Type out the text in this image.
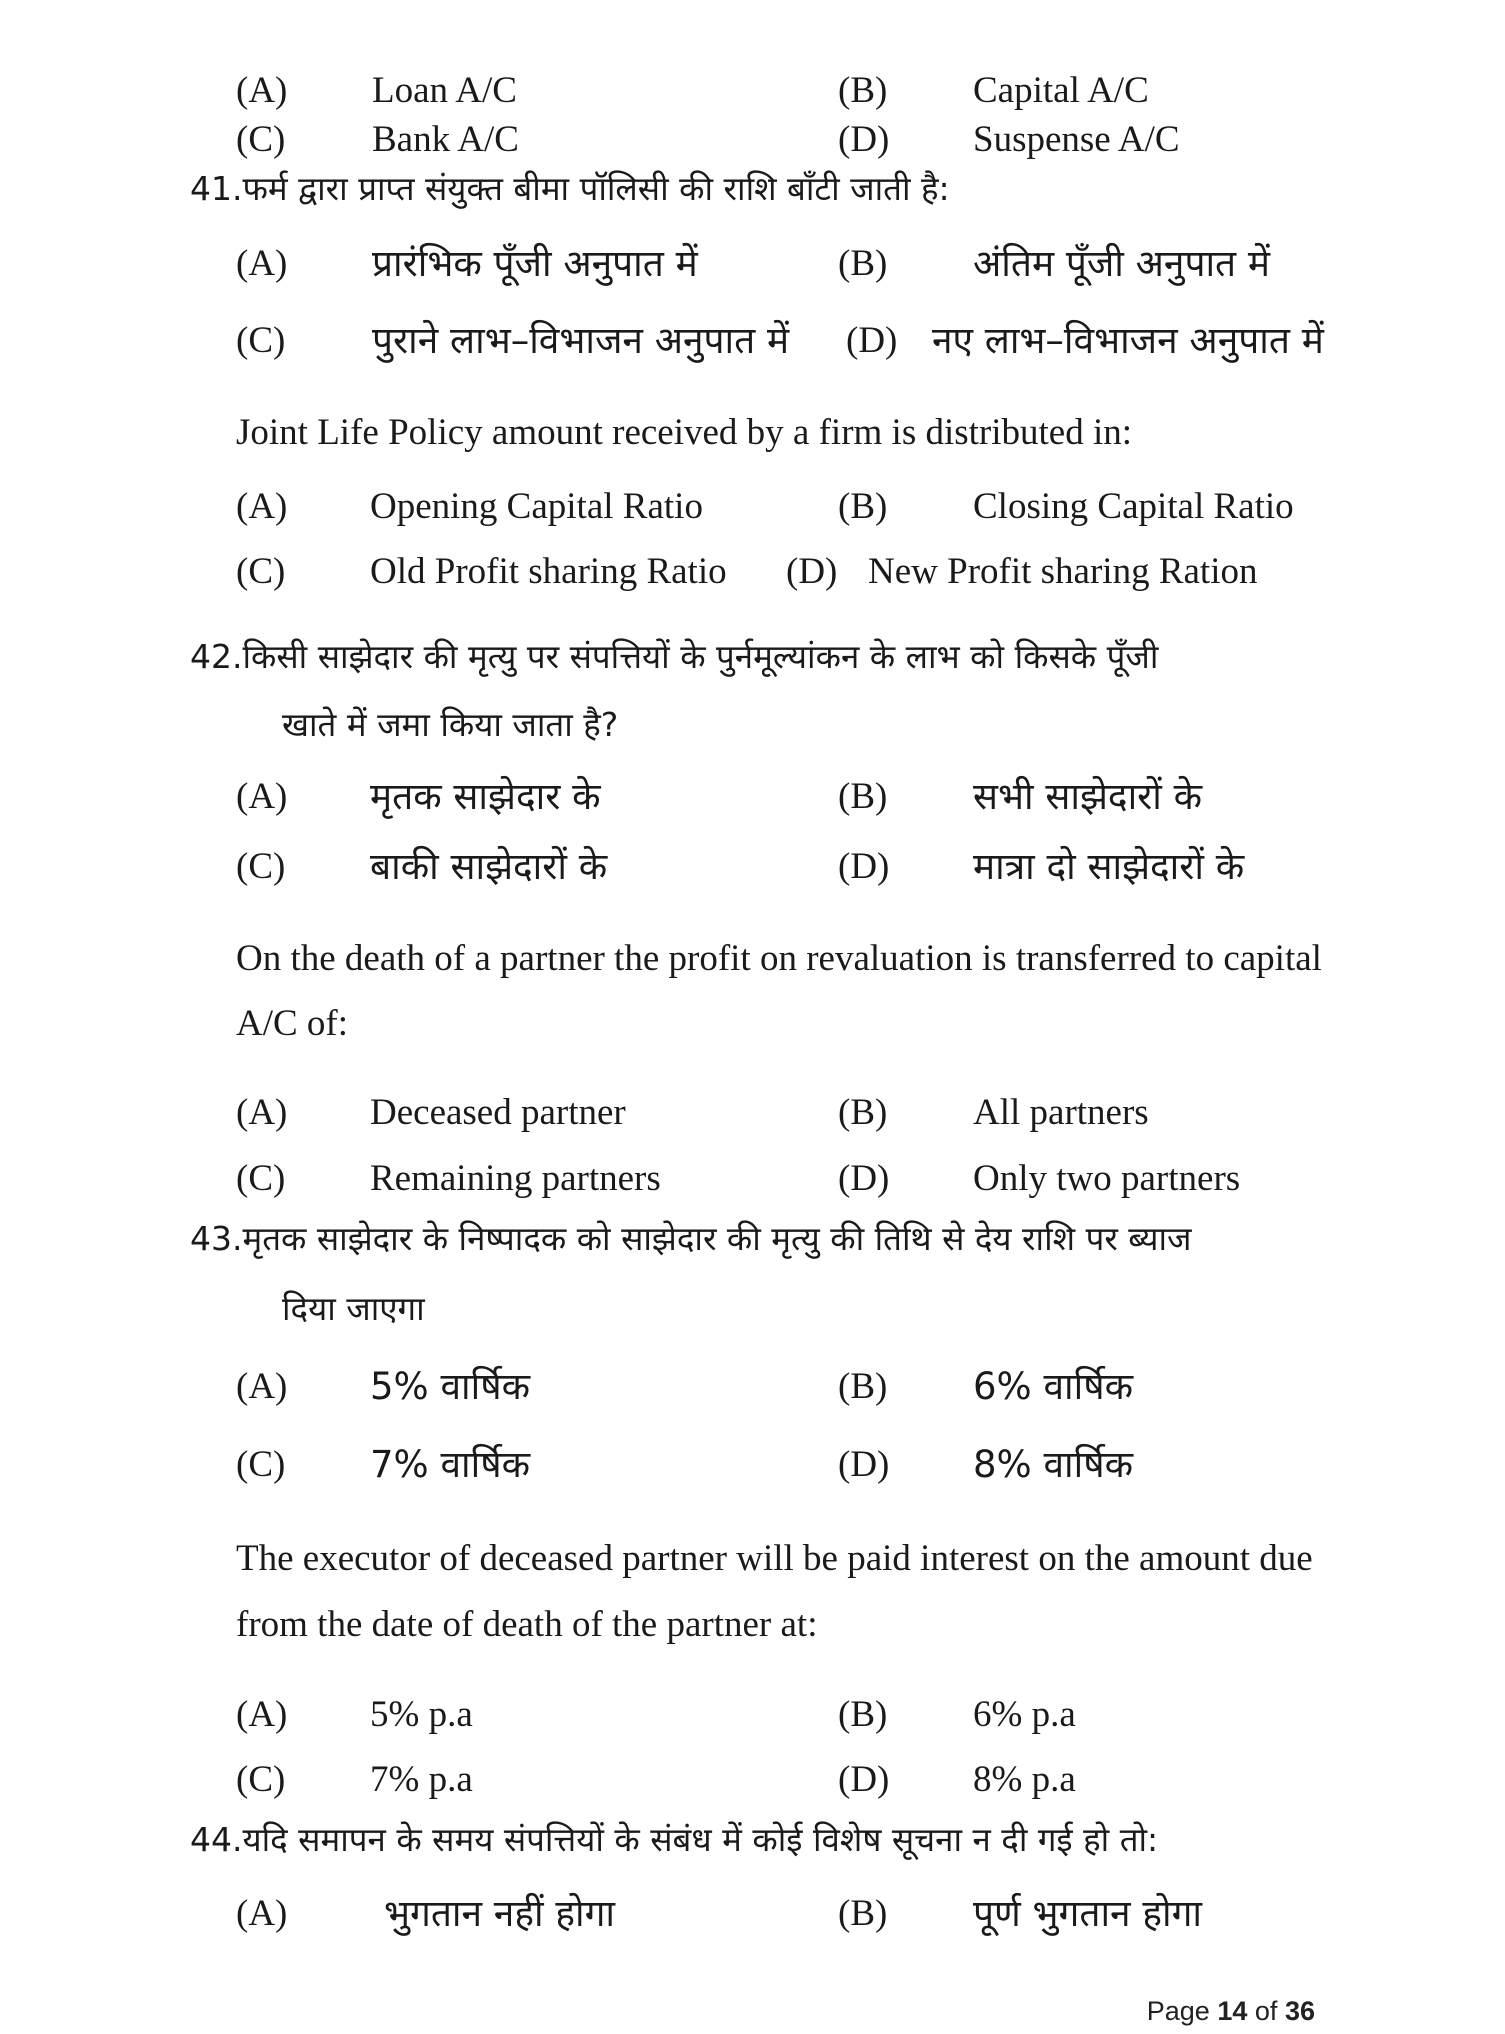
(A) Loan A/C	(B) Capital A/C
(C) Bank A/C	(D) Suspense A/C
41.फर्म द्वारा प्राप्त संयुक्त बीमा पॉलिसी की राशि बाँटी जाती है:
(A) प्रारंभिक पूँजी अनुपात में	(B) अंतिम पूँजी अनुपात में
(C) पुराने लाभ–विभाजन अनुपात में (D) नए लाभ–विभाजन अनुपात में
Joint Life Policy amount received by a firm is distributed in:
(A) Opening Capital Ratio	(B) Closing Capital Ratio
(C) Old Profit sharing Ratio (D) New Profit sharing Ration
42.किसी साझेदार की मृत्यु पर संपत्तियों के पुर्नमूल्यांकन के लाभ को किसके पूँजी
खाते में जमा किया जाता है?
(A) मृतक साझेदार के	(B) सभी साझेदारों के
(C) बाकी साझेदारों के	(D) मात्रा दो साझेदारों के
On the death of a partner the profit on revaluation is transferred to capital
A/C of:
(A) Deceased partner	(B) All partners
(C) Remaining partners	(D) Only two partners
43.मृतक साझेदार के निष्पादक को साझेदार की मृत्यु की तिथि से देय राशि पर ब्याज
दिया जाएगा
(A) 5% वार्षिक	(B) 6% वार्षिक
(C) 7% वार्षिक	(D) 8% वार्षिक
The executor of deceased partner will be paid interest on the amount due
from the date of death of the partner at:
(A) 5% p.a	(B) 6% p.a
(C) 7% p.a	(D) 8% p.a
44.यदि समापन के समय संपत्तियों के संबंध में कोई विशेष सूचना न दी गई हो तो:
(A)	भुगतान नहीं होगा	(B) पूर्ण भुगतान होगा
Page 14 of 36
